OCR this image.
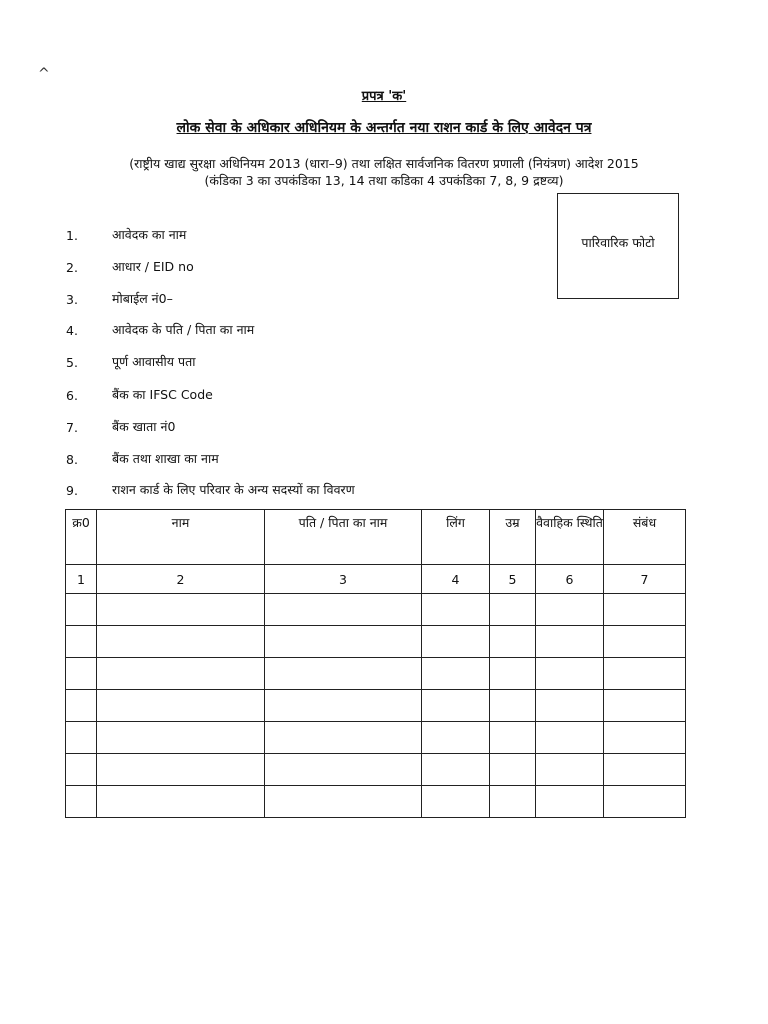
^
प्रपत्र 'क'
लोक सेवा के अधिकार अधिनियम के अन्तर्गत नया राशन कार्ड के लिए आवेदन पत्र
(राष्ट्रीय खाद्य सुरक्षा अधिनियम 2013 (धारा–9) तथा लक्षित सार्वजनिक वितरण प्रणाली (नियंत्रण) आदेश 2015
(कंडिका 3 का उपकंडिका 13, 14 तथा कडिका 4 उपकंडिका 7, 8, 9 द्रष्टव्य)
पारिवारिक फोटो
1.	आवेदक का नाम
2.	आधार / EID no
3.	मोबाईल नं0–
4.	आवेदक के पति / पिता का नाम
5.	पूर्ण आवासीय पता
6.	बैंक का IFSC Code
7.	बैंक खाता नं0
8.	बैंक तथा शाखा का नाम
9.	राशन कार्ड के लिए परिवार के अन्य सदस्यों का विवरण
क्र0	नाम	पति / पिता का नाम	लिंग	उम्र	वैवाहिक स्थिति	संबंध
1	2	3	4	5	6	7
